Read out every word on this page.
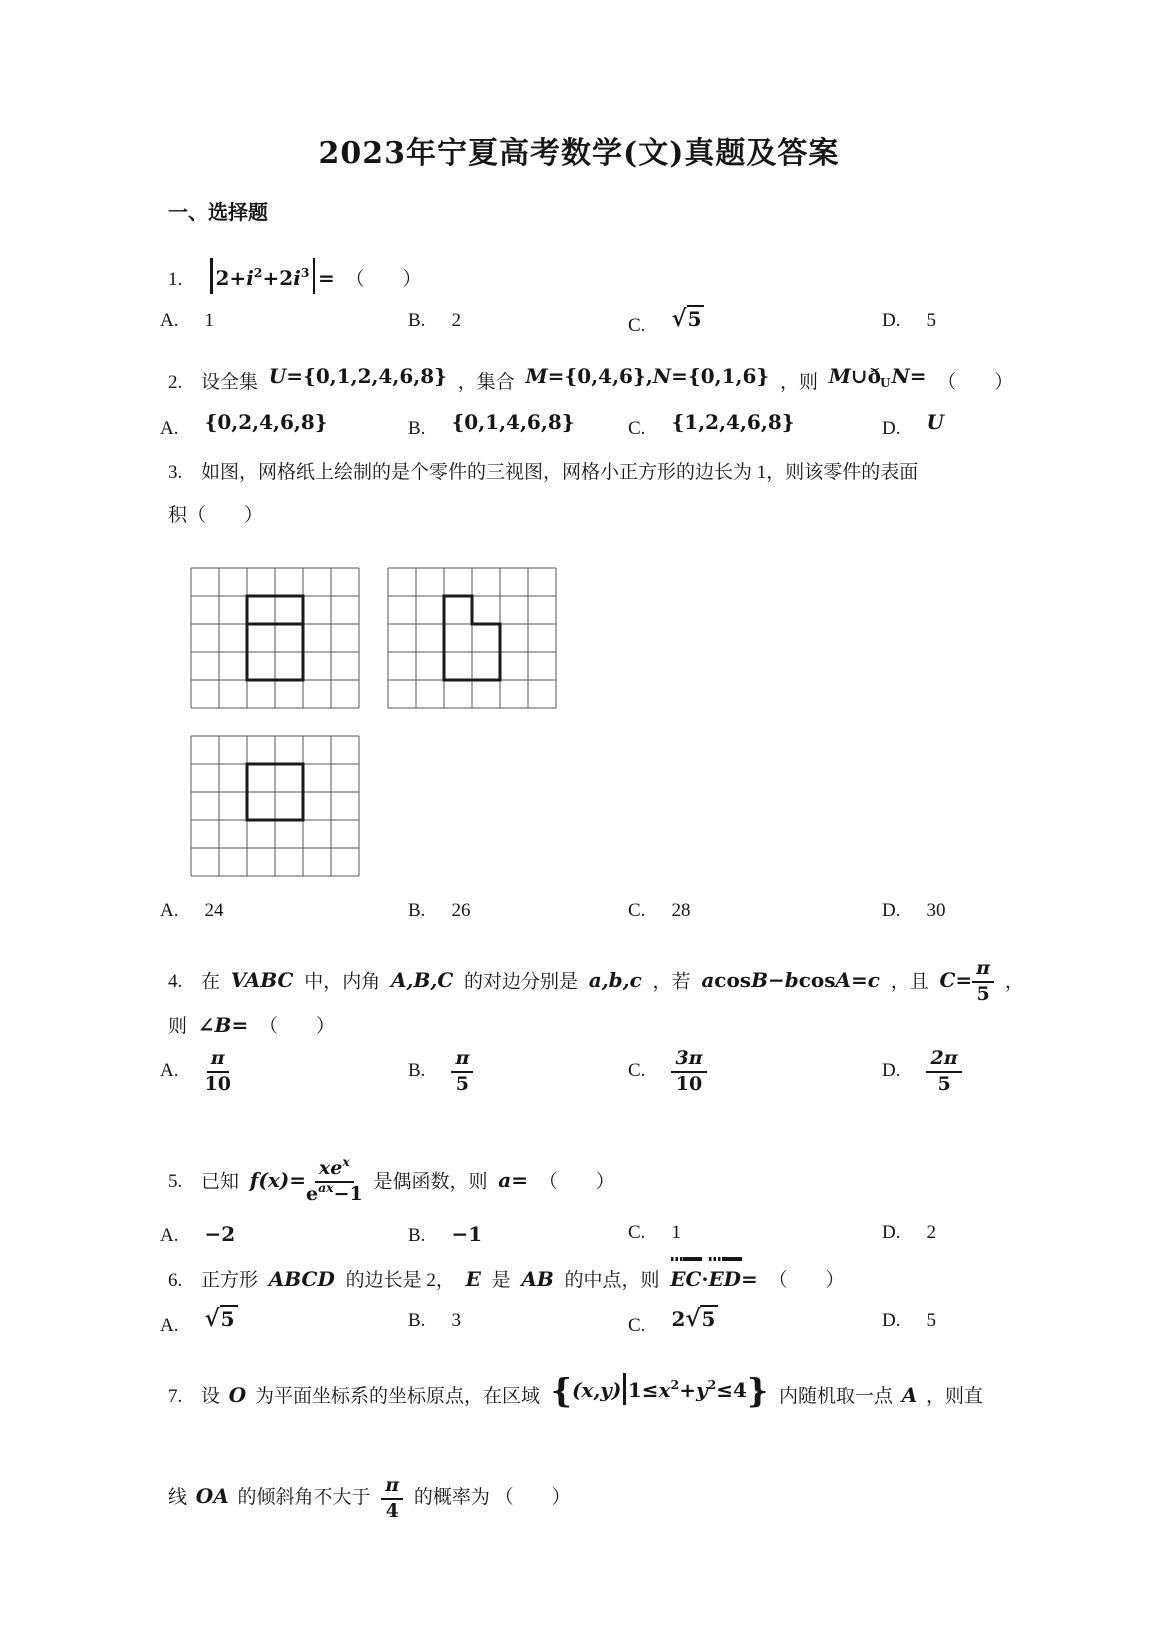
2023年宁夏高考数学(文)真题及答案
一、选择题
1. $2+i^2+2i^3$ = （　　）
A. 1	B. 2	C. √5	D. 5
2. 设全集 U={0,1,2,4,6,8} ，集合 M={0,4,6},N={0,1,6} ，则 $M\cup ð_UN=$ （　　）
A. {0,2,4,6,8}	B. {0,1,4,6,8}	C. {1,2,4,6,8}	D. U
3. 如图，网格纸上绘制的是个零件的三视图，网格小正方形的边长为 1，则该零件的表面
积（　　）
A. 24	B. 26	C. 28	D. 30
4. 在 VABC 中，内角 A,B,C 的对边分别是 a,b,c ，若 acosB−bcosA=c ，且 $C= \frac{\pi}{5}$ ，
则 ∠B= （　　）
A. $\frac{\pi}{10}$	B. $\frac{\pi}{5}$	C. $\frac{3\pi}{10}$	D. $\frac{2\pi}{5}$
5. 已知 $f(x)= \frac{xe^x}{e^{ax}-1}$ 是偶函数，则 a= （　　）
A. −2	B. −1	C. 1	D. 2
6. 正方形 ABCD 的边长是 2， E 是 AB 的中点，则 EC·
ED= （　　）
A. √5	B. 3	C. 2√5	D. 5
7. 设 O 为平面坐标系的坐标原点，在区域 {(x,y) $1\le x^2+y^2\le 4$} 内随机取一点 A ，则直
线 OA 的倾斜角不大于 $\frac{\pi}{4}$ 的概率为 （　　）
